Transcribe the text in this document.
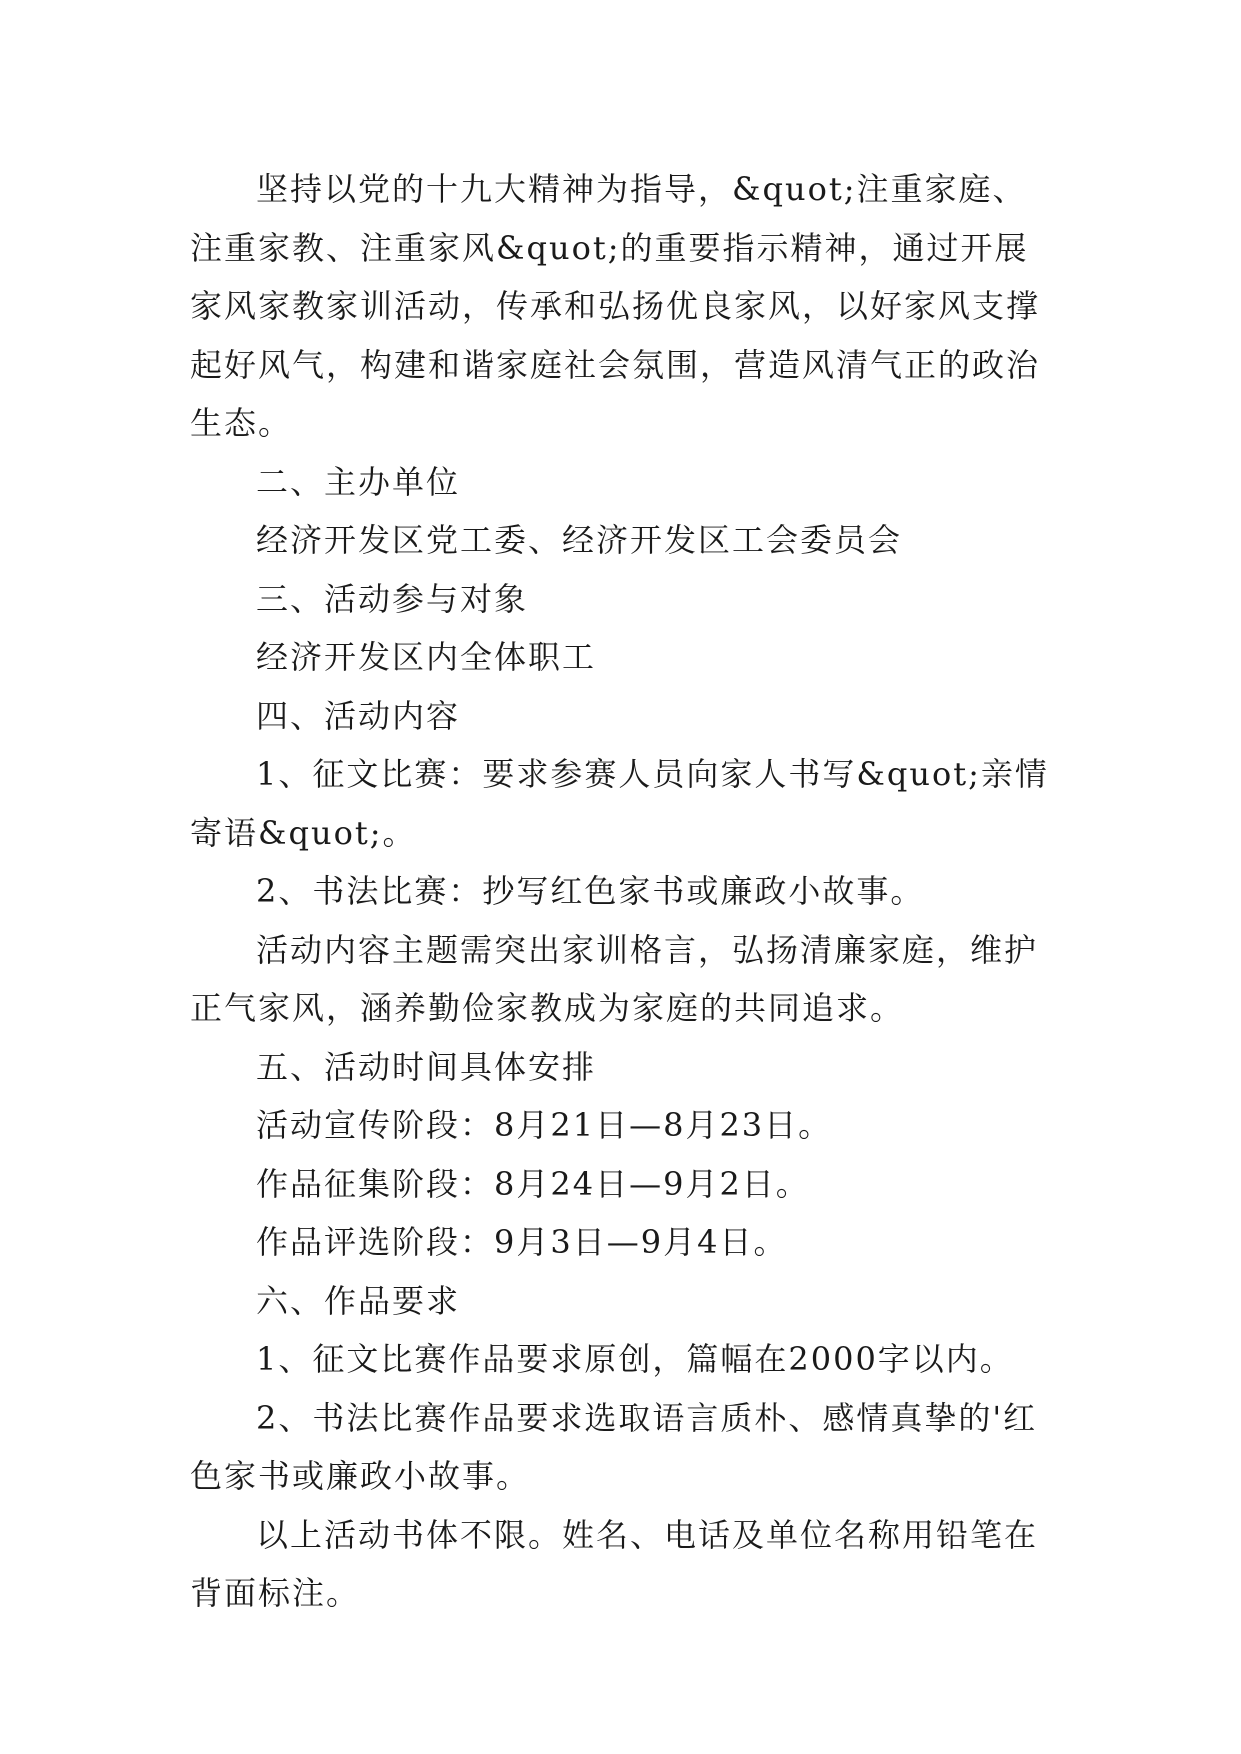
坚持以党的十九大精神为指导，&quot;注重家庭、注重家教、注重家风&quot;的重要指示精神，通过开展家风家教家训活动，传承和弘扬优良家风，以好家风支撑起好风气，构建和谐家庭社会氛围，营造风清气正的政治生态。

二、主办单位

经济开发区党工委、经济开发区工会委员会

三、活动参与对象

经济开发区内全体职工

四、活动内容

1、征文比赛：要求参赛人员向家人书写&quot;亲情寄语&quot;。

2、书法比赛：抄写红色家书或廉政小故事。

活动内容主题需突出家训格言，弘扬清廉家庭，维护正气家风，涵养勤俭家教成为家庭的共同追求。

五、活动时间具体安排

活动宣传阶段：8月21日—8月23日。

作品征集阶段：8月24日—9月2日。

作品评选阶段：9月3日—9月4日。

六、作品要求

1、征文比赛作品要求原创，篇幅在2000字以内。

2、书法比赛作品要求选取语言质朴、感情真挚的'红色家书或廉政小故事。

以上活动书体不限。姓名、电话及单位名称用铅笔在背面标注。
